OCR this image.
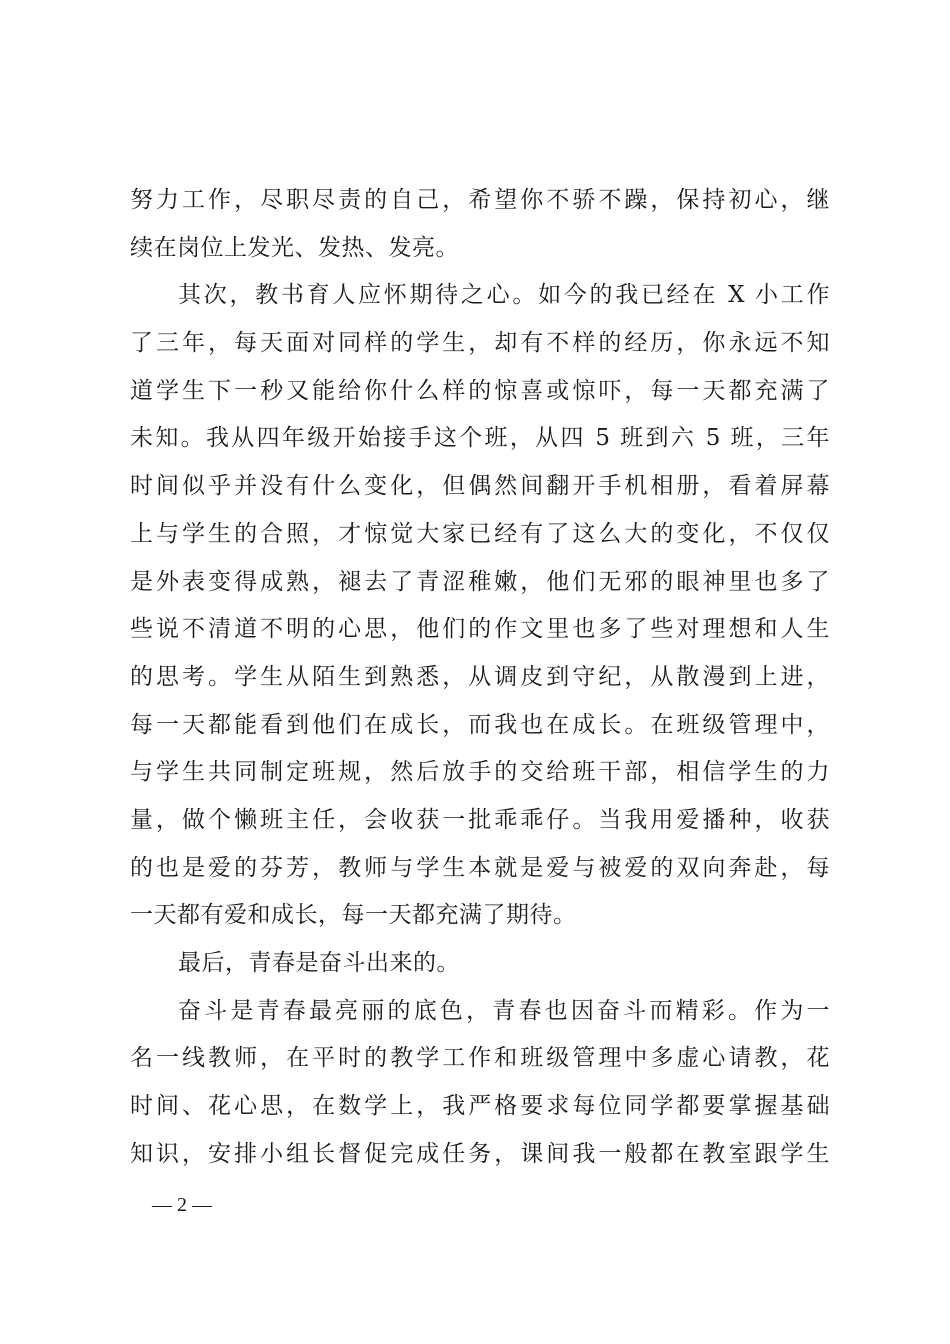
努力工作，尽职尽责的自己，希望你不骄不躁，保持初心，继
续在岗位上发光、发热、发亮。
其次，教书育人应怀期待之心。如今的我已经在 X 小工作
了三年，每天面对同样的学生，却有不样的经历，你永远不知
道学生下一秒又能给你什么样的惊喜或惊吓，每一天都充满了
未知。我从四年级开始接手这个班，从四 5 班到六 5 班，三年
时间似乎并没有什么变化，但偶然间翻开手机相册，看着屏幕
上与学生的合照，才惊觉大家已经有了这么大的变化，不仅仅
是外表变得成熟，褪去了青涩稚嫩，他们无邪的眼神里也多了
些说不清道不明的心思，他们的作文里也多了些对理想和人生
的思考。学生从陌生到熟悉，从调皮到守纪，从散漫到上进，
每一天都能看到他们在成长，而我也在成长。在班级管理中，
与学生共同制定班规，然后放手的交给班干部，相信学生的力
量，做个懒班主任，会收获一批乖乖仔。当我用爱播种，收获
的也是爱的芬芳，教师与学生本就是爱与被爱的双向奔赴，每
一天都有爱和成长，每一天都充满了期待。
最后，青春是奋斗出来的。
奋斗是青春最亮丽的底色，青春也因奋斗而精彩。作为一
名一线教师，在平时的教学工作和班级管理中多虚心请教，花
时间、花心思，在数学上，我严格要求每位同学都要掌握基础
知识，安排小组长督促完成任务，课间我一般都在教室跟学生
— 2 —
